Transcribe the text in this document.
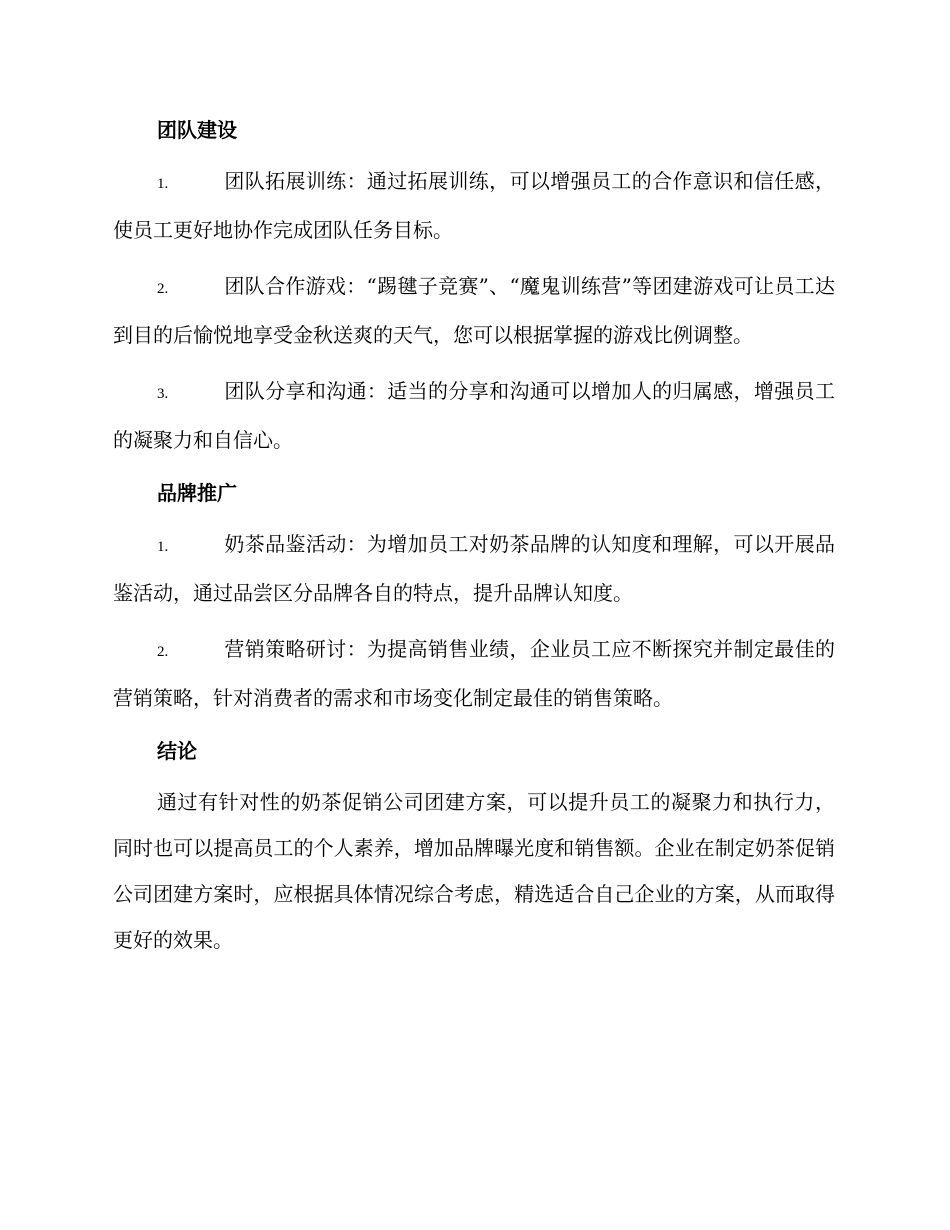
团队建设
1.	团队拓展训练：通过拓展训练，可以增强员工的合作意识和信任感，使员工更好地协作完成团队任务目标。
2.	团队合作游戏：“踢毽子竞赛”、“魔鬼训练营”等团建游戏可让员工达到目的后愉悦地享受金秋送爽的天气，您可以根据掌握的游戏比例调整。
3.	团队分享和沟通：适当的分享和沟通可以增加人的归属感，增强员工的凝聚力和自信心。
品牌推广
1.	奶茶品鉴活动：为增加员工对奶茶品牌的认知度和理解，可以开展品鉴活动，通过品尝区分品牌各自的特点，提升品牌认知度。
2.	营销策略研讨：为提高销售业绩，企业员工应不断探究并制定最佳的营销策略，针对消费者的需求和市场变化制定最佳的销售策略。
结论
通过有针对性的奶茶促销公司团建方案，可以提升员工的凝聚力和执行力，同时也可以提高员工的个人素养，增加品牌曝光度和销售额。企业在制定奶茶促销公司团建方案时，应根据具体情况综合考虑，精选适合自己企业的方案，从而取得更好的效果。
